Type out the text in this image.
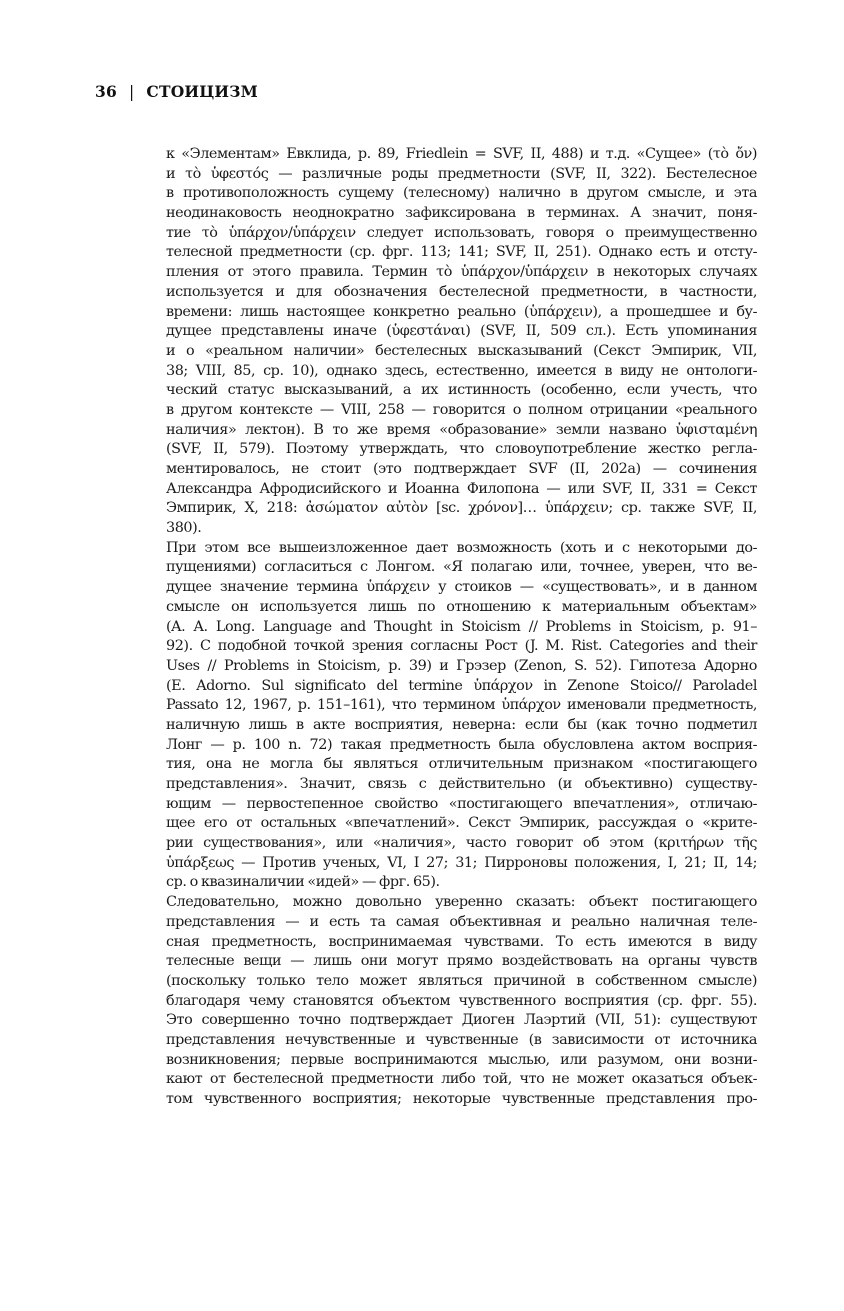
36 | СТОИЦИЗМ
к «Элементам» Евклида, p. 89, Friedlein = SVF, II, 488) и т.д. «Сущее» (τὸ ὄν)
и τὸ ὑφεστός — различные роды предметности (SVF, II, 322). Бестелесное
в противоположность сущему (телесному) налично в другом смысле, и эта
неодинаковость неоднократно зафиксирована в терминах. А значит, поня-
тие τὸ ὑπάρχον/ὑπάρχειν следует использовать, говоря о преимущественно
телесной предметности (ср. фрг. 113; 141; SVF, II, 251). Однако есть и отсту-
пления от этого правила. Термин τὸ ὑπάρχον/ὑπάρχειν в некоторых случаях
используется и для обозначения бестелесной предметности, в частности,
времени: лишь настоящее конкретно реально (ὑπάρχειν), а прошедшее и бу-
дущее представлены иначе (ὑφεστάναι) (SVF, II, 509 сл.). Есть упоминания
и о «реальном наличии» бестелесных высказываний (Секст Эмпирик, VII,
38; VIII, 85, ср. 10), однако здесь, естественно, имеется в виду не онтологи-
ческий статус высказываний, а их истинность (особенно, если учесть, что
в другом контексте — VIII, 258 — говорится о полном отрицании «реального
наличия» лектон). В то же время «образование» земли названо ὑφισταμένη
(SVF, II, 579). Поэтому утверждать, что словоупотребление жестко регла-
ментировалось, не стоит (это подтверждает SVF (II, 202a) — сочинения
Александра Афродисийского и Иоанна Филопона — или SVF, II, 331 = Секст
Эмпирик, X, 218: ἀσώματον αὐτὸν [sc. χρόνον]… ὑπάρχειν; ср. также SVF, II,
380).
При этом все вышеизложенное дает возможность (хоть и с некоторыми до-
пущениями) согласиться с Лонгом. «Я полагаю или, точнее, уверен, что ве-
дущее значение термина ὑπάρχειν у стоиков — «существовать», и в данном
смысле он используется лишь по отношению к материальным объектам»
(A. A. Long. Language and Thought in Stoicism // Problems in Stoicism, p. 91–
92). С подобной точкой зрения согласны Рост (J. M. Rist. Categories and their
Uses // Problems in Stoicism, p. 39) и Грэзер (Zenon, S. 52). Гипотеза Адорно
(E. Adorno. Sul significato del termine ὑπάρχον in Zenone Stoico// Paroladel
Passato 12, 1967, p. 151–161), что термином ὑπάρχον именовали предметность,
наличную лишь в акте восприятия, неверна: если бы (как точно подметил
Лонг — p. 100 n. 72) такая предметность была обусловлена актом восприя-
тия, она не могла бы являться отличительным признаком «постигающего
представления». Значит, связь с действительно (и объективно) существу-
ющим — первостепенное свойство «постигающего впечатления», отличаю-
щее его от остальных «впечатлений». Секст Эмпирик, рассуждая о «крите-
рии существования», или «наличия», часто говорит об этом (κριτήρων τῆς
ὑπάρξεως — Против ученых, VI, I 27; 31; Пирроновы положения, I, 21; II, 14;
ср. о квазиналичии «идей» — фрг. 65).
Следовательно, можно довольно уверенно сказать: объект постигающего
представления — и есть та самая объективная и реально наличная теле-
сная предметность, воспринимаемая чувствами. То есть имеются в виду
телесные вещи — лишь они могут прямо воздействовать на органы чувств
(поскольку только тело может являться причиной в собственном смысле)
благодаря чему становятся объектом чувственного восприятия (ср. фрг. 55).
Это совершенно точно подтверждает Диоген Лаэртий (VII, 51): существуют
представления нечувственные и чувственные (в зависимости от источника
возникновения; первые воспринимаются мыслью, или разумом, они возни-
кают от бестелесной предметности либо той, что не может оказаться объек-
том чувственного восприятия; некоторые чувственные представления про-
